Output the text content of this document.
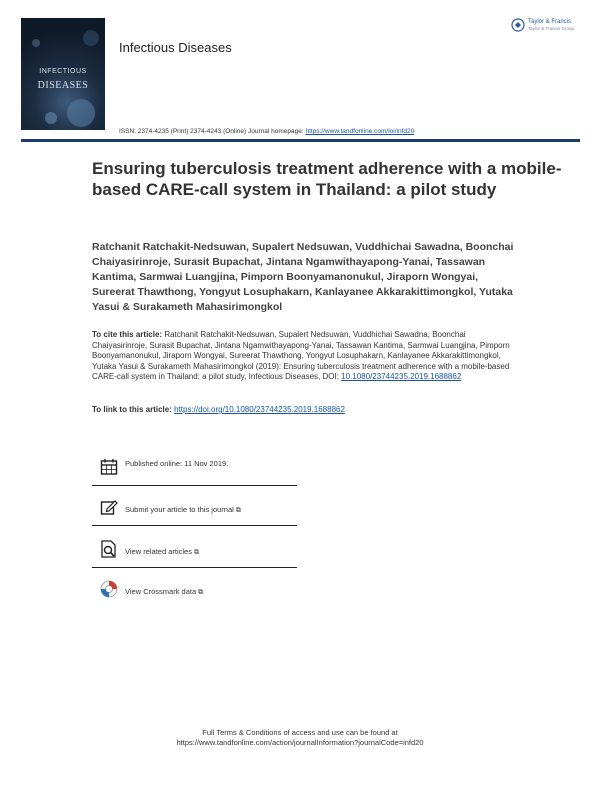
INFECTIOUS
DISEASES
Infectious Diseases
Taylor & Francis
Taylor & Francis Group
ISSN: 2374-4235 (Print) 2374-4243 (Online) Journal homepage: https://www.tandfonline.com/loi/infd20
Ensuring tuberculosis treatment adherence with a mobile-based CARE-call system in Thailand: a pilot study
Ratchanit Ratchakit-Nedsuwan, Supalert Nedsuwan, Vuddhichai Sawadna, Boonchai Chaiyasirinroje, Surasit Bupachat, Jintana Ngamwithayapong-Yanai, Tassawan Kantima, Sarmwai Luangjina, Pimporn Boonyamanonukul, Jiraporn Wongyai, Sureerat Thawthong, Yongyut Losuphakarn, Kanlayanee Akkarakittimongkol, Yutaka Yasui & Surakameth Mahasirimongkol
To cite this article: Ratchanit Ratchakit-Nedsuwan, Supalert Nedsuwan, Vuddhichai Sawadna, Boonchai Chaiyasirinroje, Surasit Bupachat, Jintana Ngamwithayapong-Yanai, Tassawan Kantima, Sarmwai Luangjina, Pimporn Boonyamanonukul, Jiraporn Wongyai, Sureerat Thawthong, Yongyut Losuphakarn, Kanlayanee Akkarakittimongkol, Yutaka Yasui & Surakameth Mahasirimongkol (2019): Ensuring tuberculosis treatment adherence with a mobile-based CARE-call system in Thailand: a pilot study, Infectious Diseases, DOI: 10.1080/23744235.2019.1688862
To link to this article: https://doi.org/10.1080/23744235.2019.1688862
Published online: 11 Nov 2019.
Submit your article to this journal ⧉
View related articles ⧉
View Crossmark data ⧉
Full Terms & Conditions of access and use can be found at
https://www.tandfonline.com/action/journalInformation?journalCode=infd20
